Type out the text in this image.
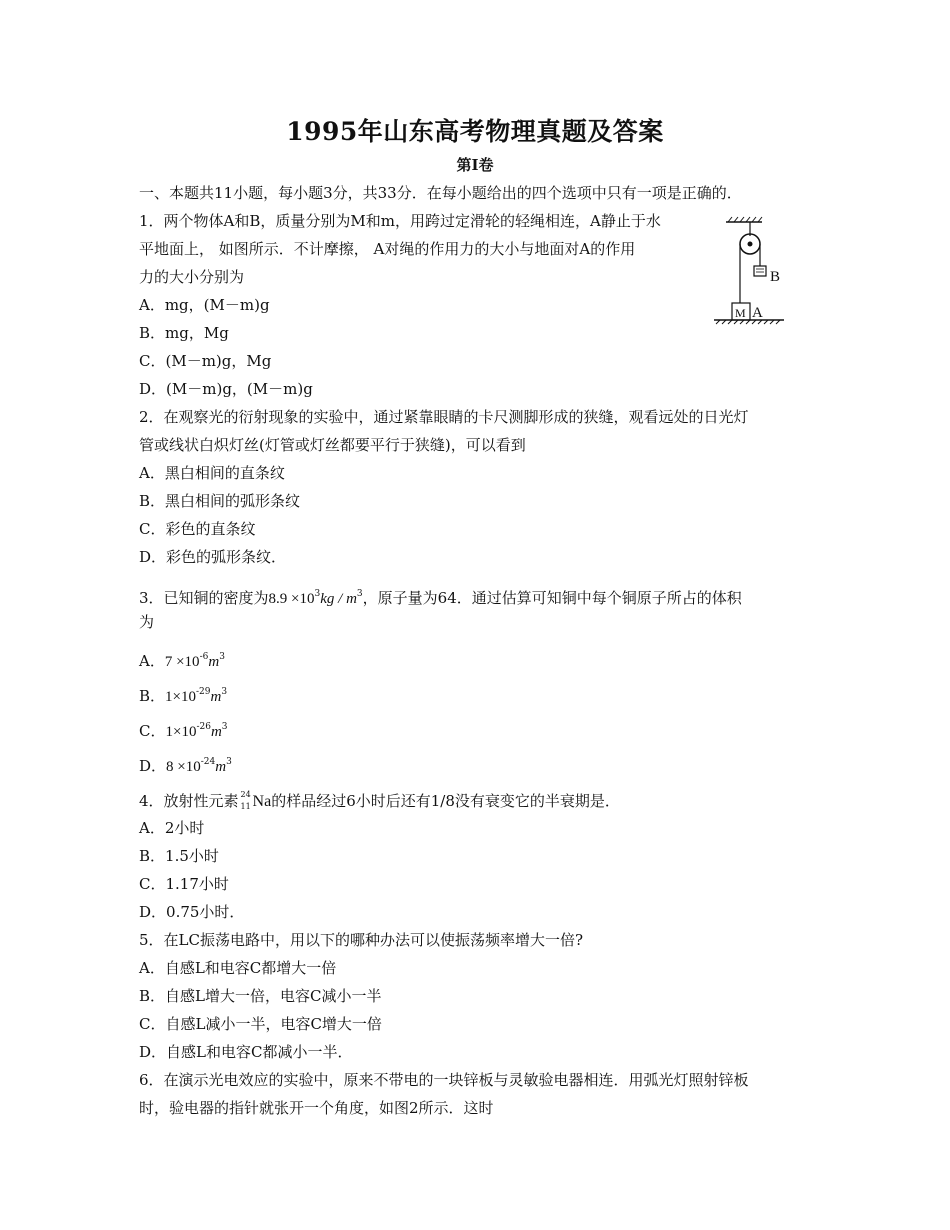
1995年山东高考物理真题及答案
第Ⅰ卷
一、本题共11小题，每小题3分，共33分．在每小题给出的四个选项中只有一项是正确的．
1．两个物体A和B，质量分别为M和m，用跨过定滑轮的轻绳相连，A静止于水
平地面上， 如图所示．不计摩擦， A对绳的作用力的大小与地面对A的作用
力的大小分别为
A．mg，(M－m)g
B．mg，Mg
C．(M－m)g，Mg
D．(M－m)g，(M－m)g
B
M A
2．在观察光的衍射现象的实验中，通过紧靠眼睛的卡尺测脚形成的狭缝，观看远处的日光灯
管或线状白炽灯丝(灯管或灯丝都要平行于狭缝)，可以看到
A．黑白相间的直条纹
B．黑白相间的弧形条纹
C．彩色的直条纹
D．彩色的弧形条纹．
3．已知铜的密度为$8.9 \times 10^3kg / m^3$，原子量为64．通过估算可知铜中每个铜原子所占的体积
为
A．$7 \times 10^{-6}m^3$
B．$1\times 10^{-29}m^3$
C．$1\times 10^{-26}m^3$
D．$8 \times 10^{-24}m^3$
4．放射性元素 24
11 Na的样品经过6小时后还有1/8没有衰变它的半衰期是．
A．2小时
B．1.5小时
C．1.17小时
D．0.75小时．
5．在LC振荡电路中，用以下的哪种办法可以使振荡频率增大一倍?
A．自感L和电容C都增大一倍
B．自感L增大一倍，电容C减小一半
C．自感L减小一半，电容C增大一倍
D．自感L和电容C都减小一半．
6．在演示光电效应的实验中，原来不带电的一块锌板与灵敏验电器相连．用弧光灯照射锌板
时，验电器的指针就张开一个角度，如图2所示．这时
